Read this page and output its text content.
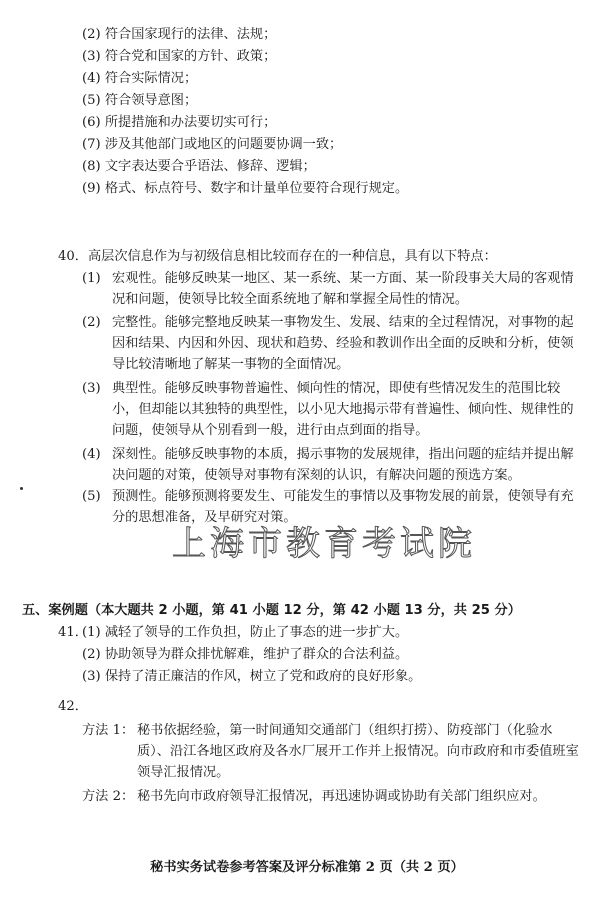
(2) 符合国家现行的法律、法规；
(3) 符合党和国家的方针、政策；
(4) 符合实际情况；
(5) 符合领导意图；
(6) 所提措施和办法要切实可行；
(7) 涉及其他部门或地区的问题要协调一致；
(8) 文字表达要合乎语法、修辞、逻辑；
(9) 格式、标点符号、数字和计量单位要符合现行规定。
40．高层次信息作为与初级信息相比较而存在的一种信息，具有以下特点：
(1) 宏观性。能够反映某一地区、某一系统、某一方面、某一阶段事关大局的客观情况和问题，使领导比较全面系统地了解和掌握全局性的情况。
(2) 完整性。能够完整地反映某一事物发生、发展、结束的全过程情况，对事物的起因和结果、内因和外因、现状和趋势、经验和教训作出全面的反映和分析，使领导比较清晰地了解某一事物的全面情况。
(3) 典型性。能够反映事物普遍性、倾向性的情况，即使有些情况发生的范围比较小，但却能以其独特的典型性，以小见大地揭示带有普遍性、倾向性、规律性的问题，使领导从个别看到一般，进行由点到面的指导。
(4) 深刻性。能够反映事物的本质，揭示事物的发展规律，指出问题的症结并提出解决问题的对策，使领导对事物有深刻的认识，有解决问题的预选方案。
(5) 预测性。能够预测将要发生、可能发生的事情以及事物发展的前景，使领导有充分的思想准备，及早研究对策。
上海市教育考试院
五、案例题（本大题共 2 小题，第 41 小题 12 分，第 42 小题 13 分，共 25 分）
41．
(1) 减轻了领导的工作负担，防止了事态的进一步扩大。
(2) 协助领导为群众排忧解难，维护了群众的合法利益。
(3) 保持了清正廉洁的作风，树立了党和政府的良好形象。
42．
方法 1： 秘书依据经验，第一时间通知交通部门（组织打捞）、防疫部门（化验水质）、沿江各地区政府及各水厂展开工作并上报情况。向市政府和市委值班室领导汇报情况。
方法 2： 秘书先向市政府领导汇报情况，再迅速协调或协助有关部门组织应对。
秘书实务试卷参考答案及评分标准第 2 页（共 2 页）
